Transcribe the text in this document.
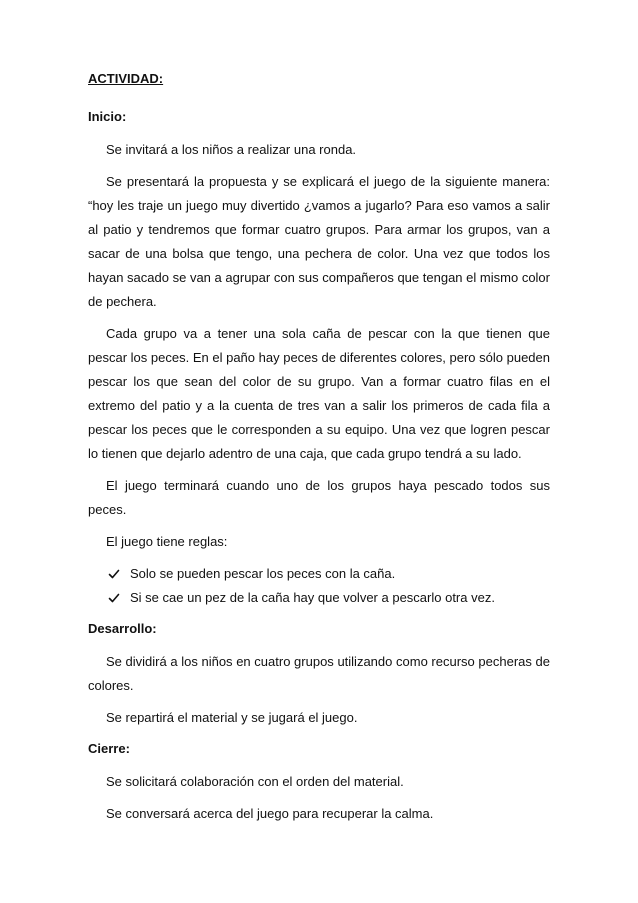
ACTIVIDAD:

Inicio:

Se invitará a los niños a realizar una ronda.

Se presentará la propuesta y se explicará el juego de la siguiente manera: “hoy les traje un juego muy divertido ¿vamos a jugarlo? Para eso vamos a salir al patio y tendremos que formar cuatro grupos. Para armar los grupos, van a sacar de una bolsa que tengo, una pechera de color. Una vez que todos los hayan sacado se van a agrupar con sus compañeros que tengan el mismo color de pechera.

Cada grupo va a tener una sola caña de pescar con la que tienen que pescar los peces. En el paño hay peces de diferentes colores, pero sólo pueden pescar los que sean del color de su grupo. Van a formar cuatro filas en el extremo del patio y a la cuenta de tres van a salir los primeros de cada fila a pescar los peces que le corresponden a su equipo. Una vez que logren pescar lo tienen que dejarlo adentro de una caja, que cada grupo tendrá a su lado.

El juego terminará cuando uno de los grupos haya pescado todos sus peces.

El juego tiene reglas:

Solo se pueden pescar los peces con la caña.
Si se cae un pez de la caña hay que volver a pescarlo otra vez.

Desarrollo:

Se dividirá a los niños en cuatro grupos utilizando como recurso pecheras de colores.

Se repartirá el material y se jugará el juego.

Cierre:

Se solicitará colaboración con el orden del material.

Se conversará acerca del juego para recuperar la calma.
